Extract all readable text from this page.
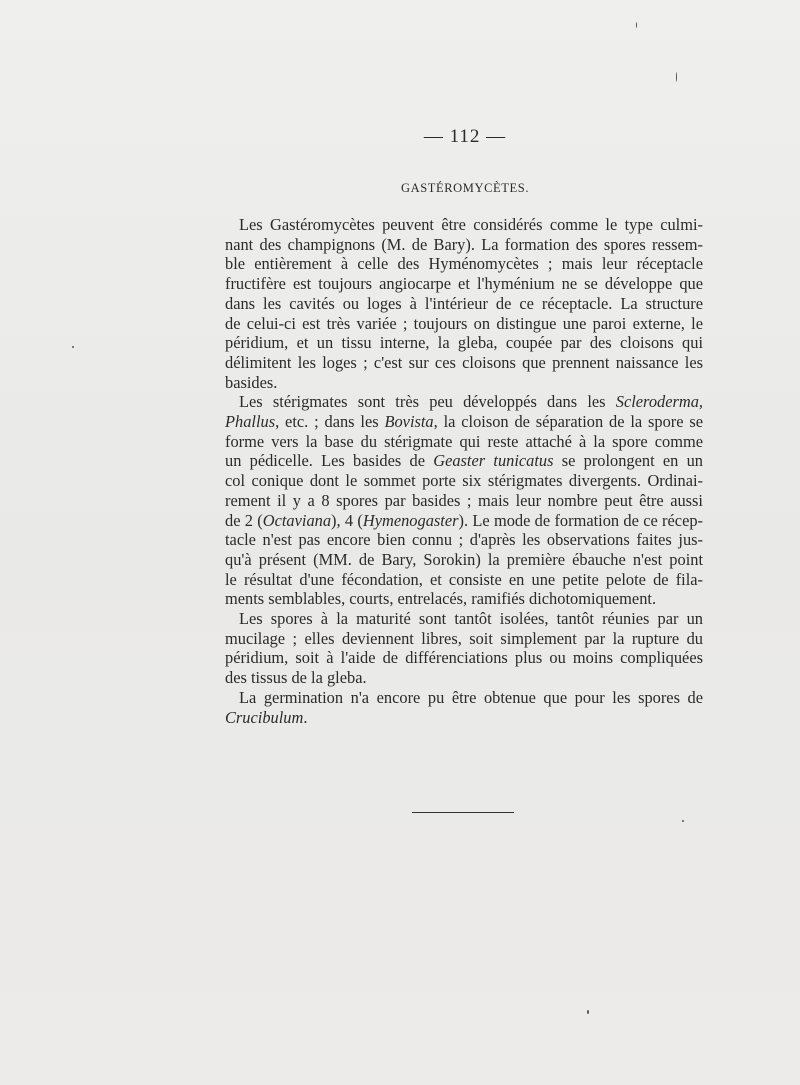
— 112 —
GASTÉROMYCÈTES.

Les Gastéromycètes peuvent être considérés comme le type culmi-
nant des champignons (M. de Bary). La formation des spores ressem-
ble entièrement à celle des Hyménomycètes ; mais leur réceptacle
fructifère est toujours angiocarpe et l'hyménium ne se développe que
dans les cavités ou loges à l'intérieur de ce réceptacle. La structure
de celui-ci est très variée ; toujours on distingue une paroi externe, le
péridium, et un tissu interne, la gleba, coupée par des cloisons qui
délimitent les loges ; c'est sur ces cloisons que prennent naissance les
basides.

Les stérigmates sont très peu développés dans les Scleroderma,
Phallus, etc. ; dans les Bovista, la cloison de séparation de la spore se
forme vers la base du stérigmate qui reste attaché à la spore comme
un pédicelle. Les basides de Geaster tunicatus se prolongent en un
col conique dont le sommet porte six stérigmates divergents. Ordinai-
rement il y a 8 spores par basides ; mais leur nombre peut être aussi
de 2 (Octaviana), 4 (Hymenogaster). Le mode de formation de ce récep-
tacle n'est pas encore bien connu ; d'après les observations faites jus-
qu'à présent (MM. de Bary, Sorokin) la première ébauche n'est point
le résultat d'une fécondation, et consiste en une petite pelote de fila-
ments semblables, courts, entrelacés, ramifiés dichotomiquement.

Les spores à la maturité sont tantôt isolées, tantôt réunies par un
mucilage ; elles deviennent libres, soit simplement par la rupture du
péridium, soit à l'aide de différenciations plus ou moins compliquées
des tissus de la gleba.

La germination n'a encore pu être obtenue que pour les spores de
Crucibulum.
